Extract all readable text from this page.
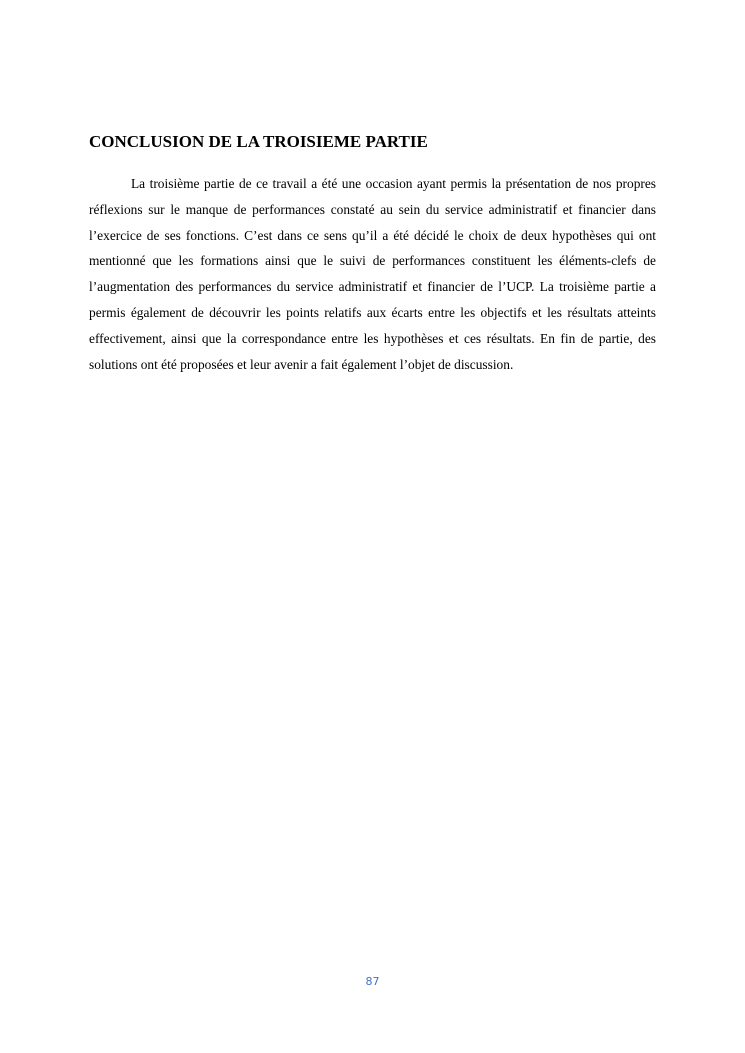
CONCLUSION DE LA TROISIEME PARTIE

La troisième partie de ce travail a été une occasion ayant permis la présentation de nos propres réflexions sur le manque de performances constaté au sein du service administratif et financier dans l’exercice de ses fonctions. C’est dans ce sens qu’il a été décidé le choix de deux hypothèses qui ont mentionné que les formations ainsi que le suivi de performances constituent les éléments-clefs de l’augmentation des performances du service administratif et financier de l’UCP. La troisième partie a permis également de découvrir les points relatifs aux écarts entre les objectifs et les résultats atteints effectivement, ainsi que la correspondance entre les hypothèses et ces résultats. En fin de partie, des solutions ont été proposées et leur avenir a fait également l’objet de discussion.

87
